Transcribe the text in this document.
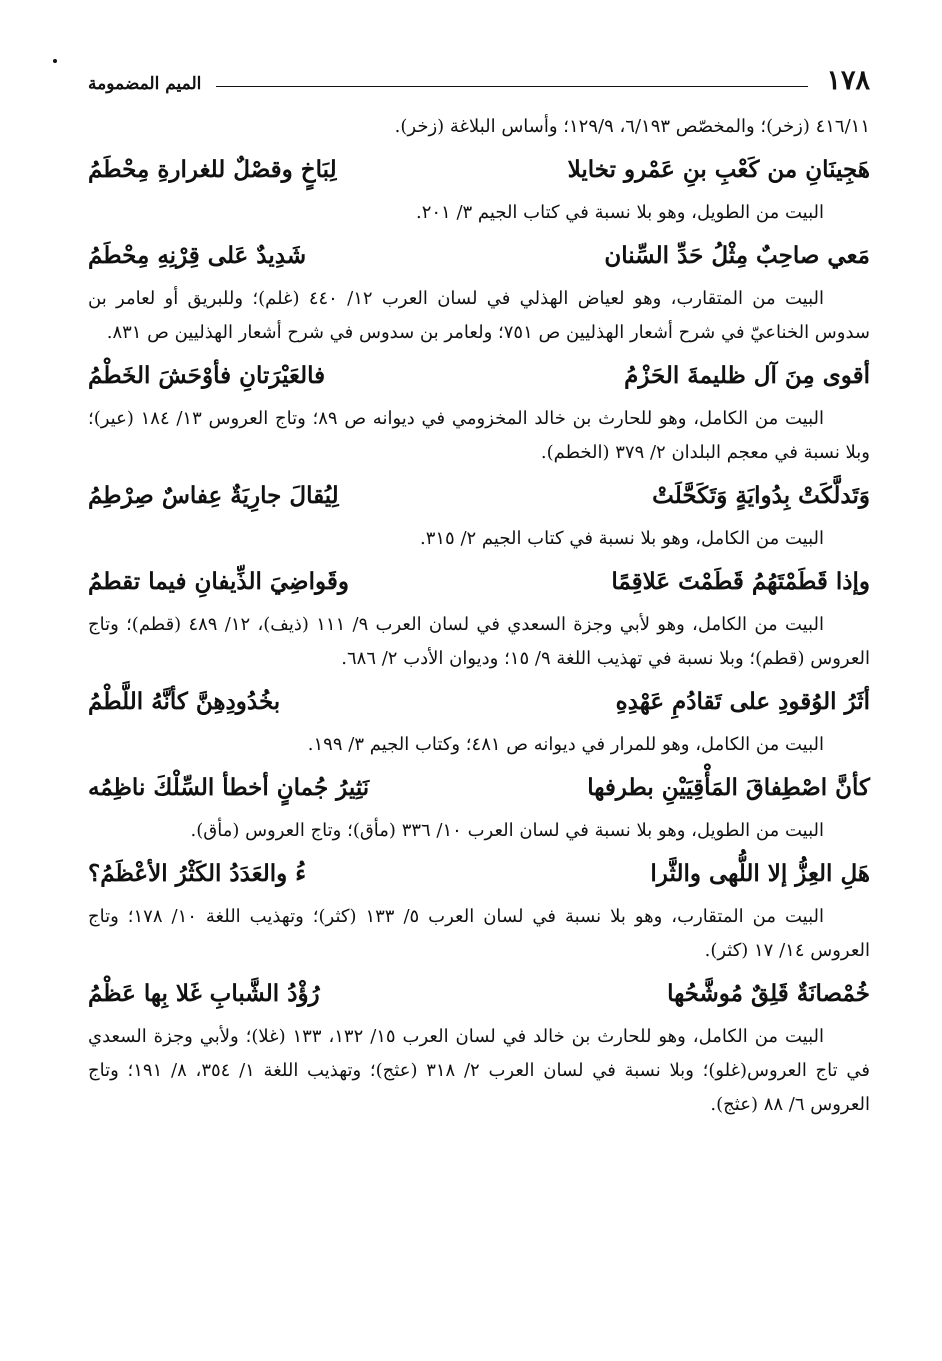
١٧٨
الميم المضمومة
٤١٦/١١ (زخر)؛ والمخصّص ٦/١٩٣، ١٢٩/٩؛ وأساس البلاغة (زخر).
هَجِينَانِ من كَعْبِ بنِ عَمْرو تخايلا
لِبَاخٍ وقصْلٌ للغرارةِ مِحْطَمُ
البيت من الطويل، وهو بلا نسبة في كتاب الجيم ٣/ ٢٠١.
مَعي صاحِبٌ مِثْلُ حَدِّ السِّنان
شَدِيدٌ عَلى قِرْنِهِ مِحْطَمُ
البيت من المتقارب، وهو لعياض الهذلي في لسان العرب ١٢/ ٤٤٠ (غلم)؛ وللبريق أو لعامر بن سدوس الخناعيّ في شرح أشعار الهذليين ص ٧٥١؛ ولعامر بن سدوس في شرح أشعار الهذليين ص ٨٣١.
أقوى مِنَ آل ظليمةَ الحَزْمُ
فالعَيْرَتانِ فأوْحَشَ الخَطْمُ
البيت من الكامل، وهو للحارث بن خالد المخزومي في ديوانه ص ٨٩؛ وتاج العروس ١٣/ ١٨٤ (عير)؛ وبلا نسبة في معجم البلدان ٢/ ٣٧٩ (الخطم).
وَتَدلَّكَتْ بِدُوايَةٍ وَتَكَحَّلَتْ
لِيُقالَ جارِيَةٌ عِفاسٌ صِرْطِمُ
البيت من الكامل، وهو بلا نسبة في كتاب الجيم ٢/ ٣١٥.
وإذا قَطَمْتَهُمُ قَطَمْتَ عَلاقِمًا
وقَواضِيَ الذِّيفانِ فيما تقطمُ
البيت من الكامل، وهو لأبي وجزة السعدي في لسان العرب ٩/ ١١١ (ذيف)، ١٢/ ٤٨٩ (قطم)؛ وتاج العروس (قطم)؛ وبلا نسبة في تهذيب اللغة ٩/ ١٥؛ وديوان الأدب ٢/ ٦٨٦.
أثَرُ الوُقودِ على تَقادُمِ عَهْدِهِ
بخُدُودِهِنَّ كأنَّهُ اللَّطْمُ
البيت من الكامل، وهو للمرار في ديوانه ص ٤٨١؛ وكتاب الجيم ٣/ ١٩٩.
كأنَّ اصْطِفاقَ المَأْقِيَيْنِ بطرفها
نَثِيرُ جُمانٍ أخطأ السِّلْكَ ناظِمُه
البيت من الطويل، وهو بلا نسبة في لسان العرب ١٠/ ٣٣٦ (مأق)؛ وتاج العروس (مأق).
هَلِ العِزُّ إلا اللُّهى والثَّرا
ءُ والعَدَدُ الكَثْرُ الأعْظَمُ؟
البيت من المتقارب، وهو بلا نسبة في لسان العرب ٥/ ١٣٣ (كثر)؛ وتهذيب اللغة ١٠/ ١٧٨؛ وتاج العروس ١٤/ ١٧ (كثر).
خُمْصانَةٌ قَلِقٌ مُوشَّحُها
رُؤْدُ الشَّبابِ غَلا بِها عَظْمُ
البيت من الكامل، وهو للحارث بن خالد في لسان العرب ١٥/ ١٣٢، ١٣٣ (غلا)؛ ولأبي وجزة السعدي في تاج العروس(غلو)؛ وبلا نسبة في لسان العرب ٢/ ٣١٨ (عثج)؛ وتهذيب اللغة ١/ ٣٥٤، ٨/ ١٩١؛ وتاج العروس ٦/ ٨٨ (عثج).
